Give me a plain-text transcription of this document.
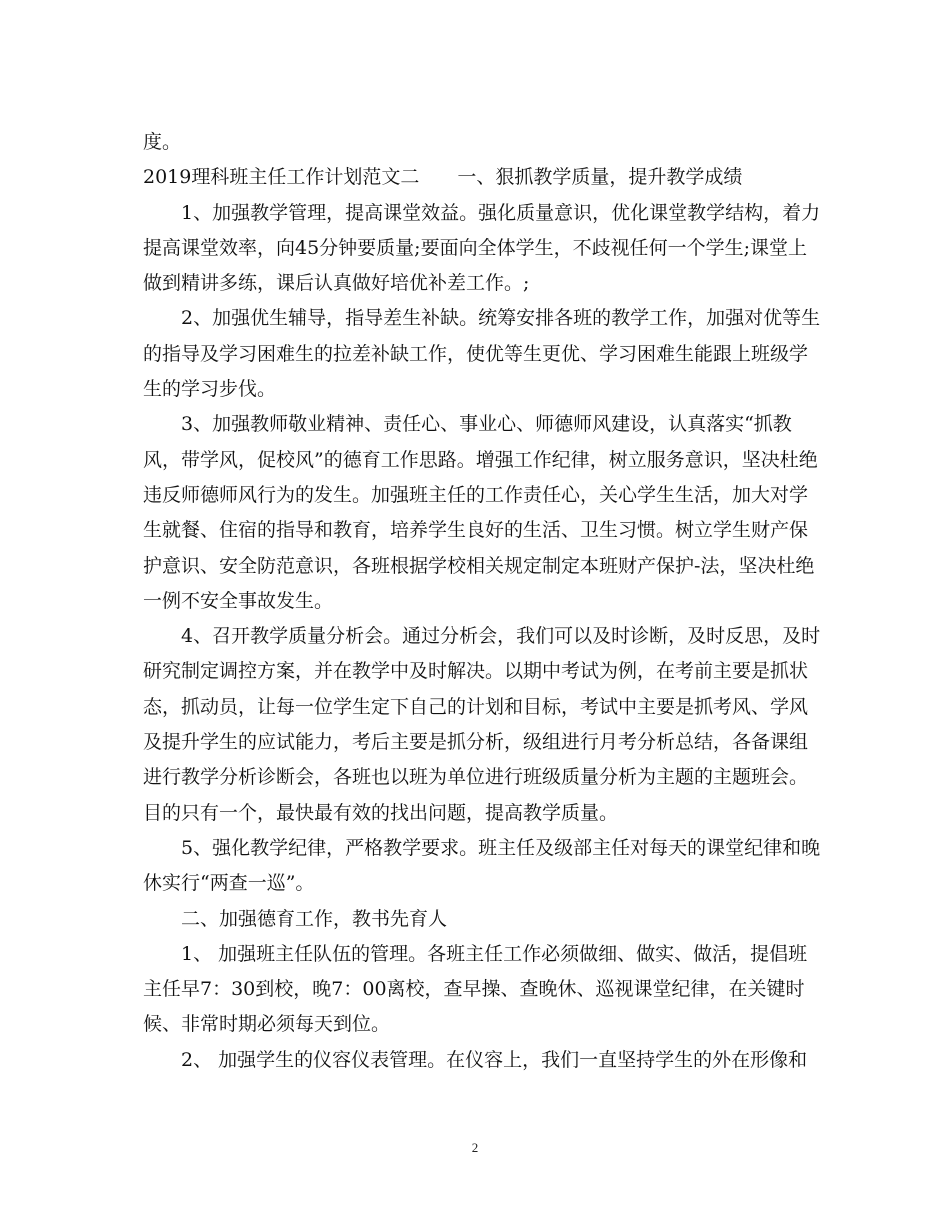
度。

2019理科班主任工作计划范文二　　一、狠抓教学质量，提升教学成绩

1、加强教学管理，提高课堂效益。强化质量意识，优化课堂教学结构，着力

提高课堂效率，向45分钟要质量;要面向全体学生，不歧视任何一个学生;课堂上

做到精讲多练，课后认真做好培优补差工作。;

2、加强优生辅导，指导差生补缺。统筹安排各班的教学工作，加强对优等生

的指导及学习困难生的拉差补缺工作，使优等生更优、学习困难生能跟上班级学

生的学习步伐。

3、加强教师敬业精神、责任心、事业心、师德师风建设，认真落实“抓教

风，带学风，促校风”的德育工作思路。增强工作纪律，树立服务意识，坚决杜绝

违反师德师风行为的发生。加强班主任的工作责任心，关心学生生活，加大对学

生就餐、住宿的指导和教育，培养学生良好的生活、卫生习惯。树立学生财产保

护意识、安全防范意识，各班根据学校相关规定制定本班财产保护-法，坚决杜绝

一例不安全事故发生。

4、召开教学质量分析会。通过分析会，我们可以及时诊断，及时反思，及时

研究制定调控方案，并在教学中及时解决。以期中考试为例，在考前主要是抓状

态，抓动员，让每一位学生定下自己的计划和目标，考试中主要是抓考风、学风

及提升学生的应试能力，考后主要是抓分析，级组进行月考分析总结，各备课组

进行教学分析诊断会，各班也以班为单位进行班级质量分析为主题的主题班会。

目的只有一个，最快最有效的找出问题，提高教学质量。

5、强化教学纪律，严格教学要求。班主任及级部主任对每天的课堂纪律和晚

休实行“两查一巡”。

二、加强德育工作，教书先育人

1、 加强班主任队伍的管理。各班主任工作必须做细、做实、做活，提倡班

主任早7：30到校，晚7：00离校，查早操、查晚休、巡视课堂纪律，在关键时

候、非常时期必须每天到位。

2、 加强学生的仪容仪表管理。在仪容上，我们一直坚持学生的外在形像和

2
